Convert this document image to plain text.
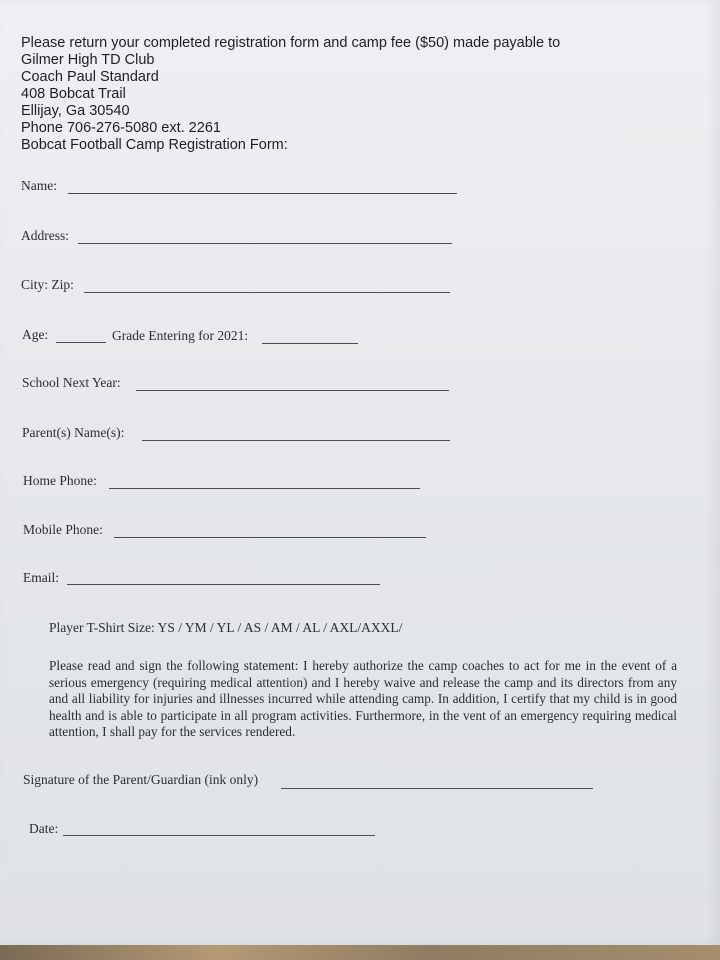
Please return your completed registration form and camp fee ($50) made payable to
Gilmer High TD Club
Coach Paul Standard
408 Bobcat Trail
Ellijay, Ga 30540
Phone 706-276-5080 ext. 2261
Bobcat Football Camp Registration Form:
Name:
Address:
City: Zip:
Age:	Grade Entering for 2021:
School Next Year:
Parent(s) Name(s):
Home Phone:
Mobile Phone:
Email:
Player T-Shirt Size: YS / YM / YL / AS / AM / AL / AXL/AXXL/
Please read and sign the following statement: I hereby authorize the camp coaches to act for me in the event of a serious emergency (requiring medical attention) and I hereby waive and release the camp and its directors from any and all liability for injuries and illnesses incurred while attending camp. In addition, I certify that my child is in good health and is able to participate in all program activities. Furthermore, in the vent of an emergency requiring medical attention, I shall pay for the services rendered.
Signature of the Parent/Guardian (ink only)
Date:
